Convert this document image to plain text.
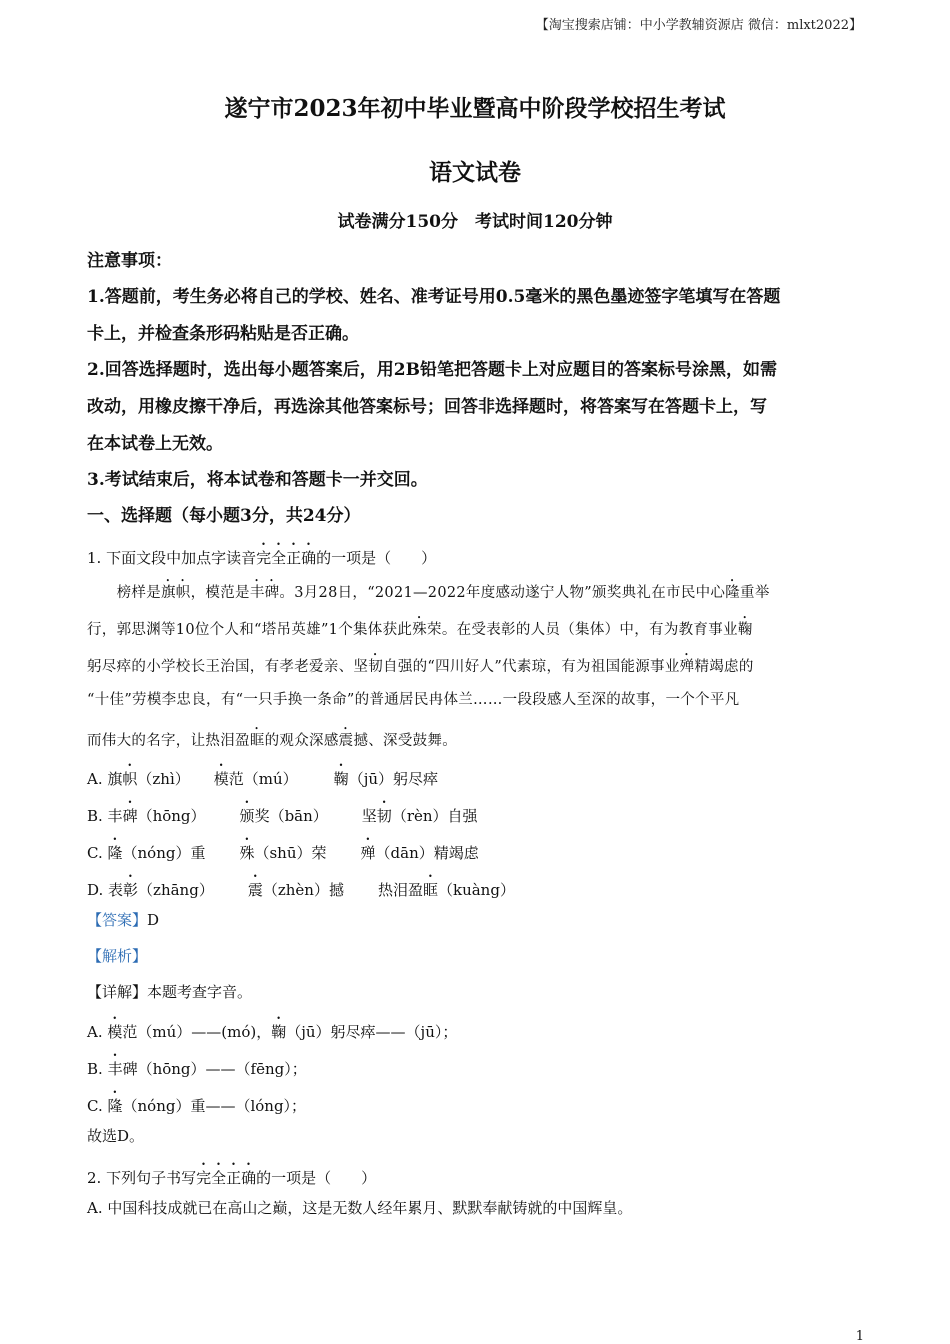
【淘宝搜索店铺：中小学教辅资源店 微信：mlxt2022】
遂宁市2023年初中毕业暨高中阶段学校招生考试
语文试卷
试卷满分150分　考试时间120分钟
注意事项：
1.答题前，考生务必将自己的学校、姓名、准考证号用0.5毫米的黑色墨迹签字笔填写在答题
卡上，并检查条形码粘贴是否正确。
2.回答选择题时，选出每小题答案后，用2B铅笔把答题卡上对应题目的答案标号涂黑，如需
改动，用橡皮擦干净后，再选涂其他答案标号；回答非选择题时，将答案写在答题卡上，写
在本试卷上无效。
3.考试结束后，将本试卷和答题卡一并交回。
一、选择题（每小题3分，共24分）
1. 下面文段中加点字读音完全正确的一项是（　　）
　　榜样是旗帜，模范是丰碑。3月28日，“2021—2022年度感动遂宁人物”颁奖典礼在市民中心隆重举
行，郭思渊等10位个人和“塔吊英雄”1个集体获此殊荣。在受表彰的人员（集体）中，有为教育事业鞠
躬尽瘁的小学校长王治国，有孝老爱亲、坚韧自强的“四川好人”代素琼，有为祖国能源事业殚精竭虑的
“十佳”劳模李忠良，有“一只手换一条命”的普通居民冉体兰……一段段感人至深的故事，一个个平凡
而伟大的名字，让热泪盈眶的观众深感震撼、深受鼓舞。
A. 旗帜（zhì） 模范（mú） 鞠（jū）躬尽瘁
B. 丰碑（hōng） 颁奖（bān） 坚韧（rèn）自强
C. 隆（nóng）重 殊（shū）荣 殚（dān）精竭虑
D. 表彰（zhāng） 震（zhèn）撼 热泪盈眶（kuàng）
【答案】D
【解析】
【详解】本题考查字音。
A. 模范（mú）——(mó)，鞠（jū）躬尽瘁——（jū）；
B. 丰碑（hōng）——（fēng）；
C. 隆（nóng）重——（lóng）；
故选D。
2. 下列句子书写完全正确的一项是（　　）
A. 中国科技成就已在高山之巅，这是无数人经年累月、默默奉献铸就的中国辉皇。
1
